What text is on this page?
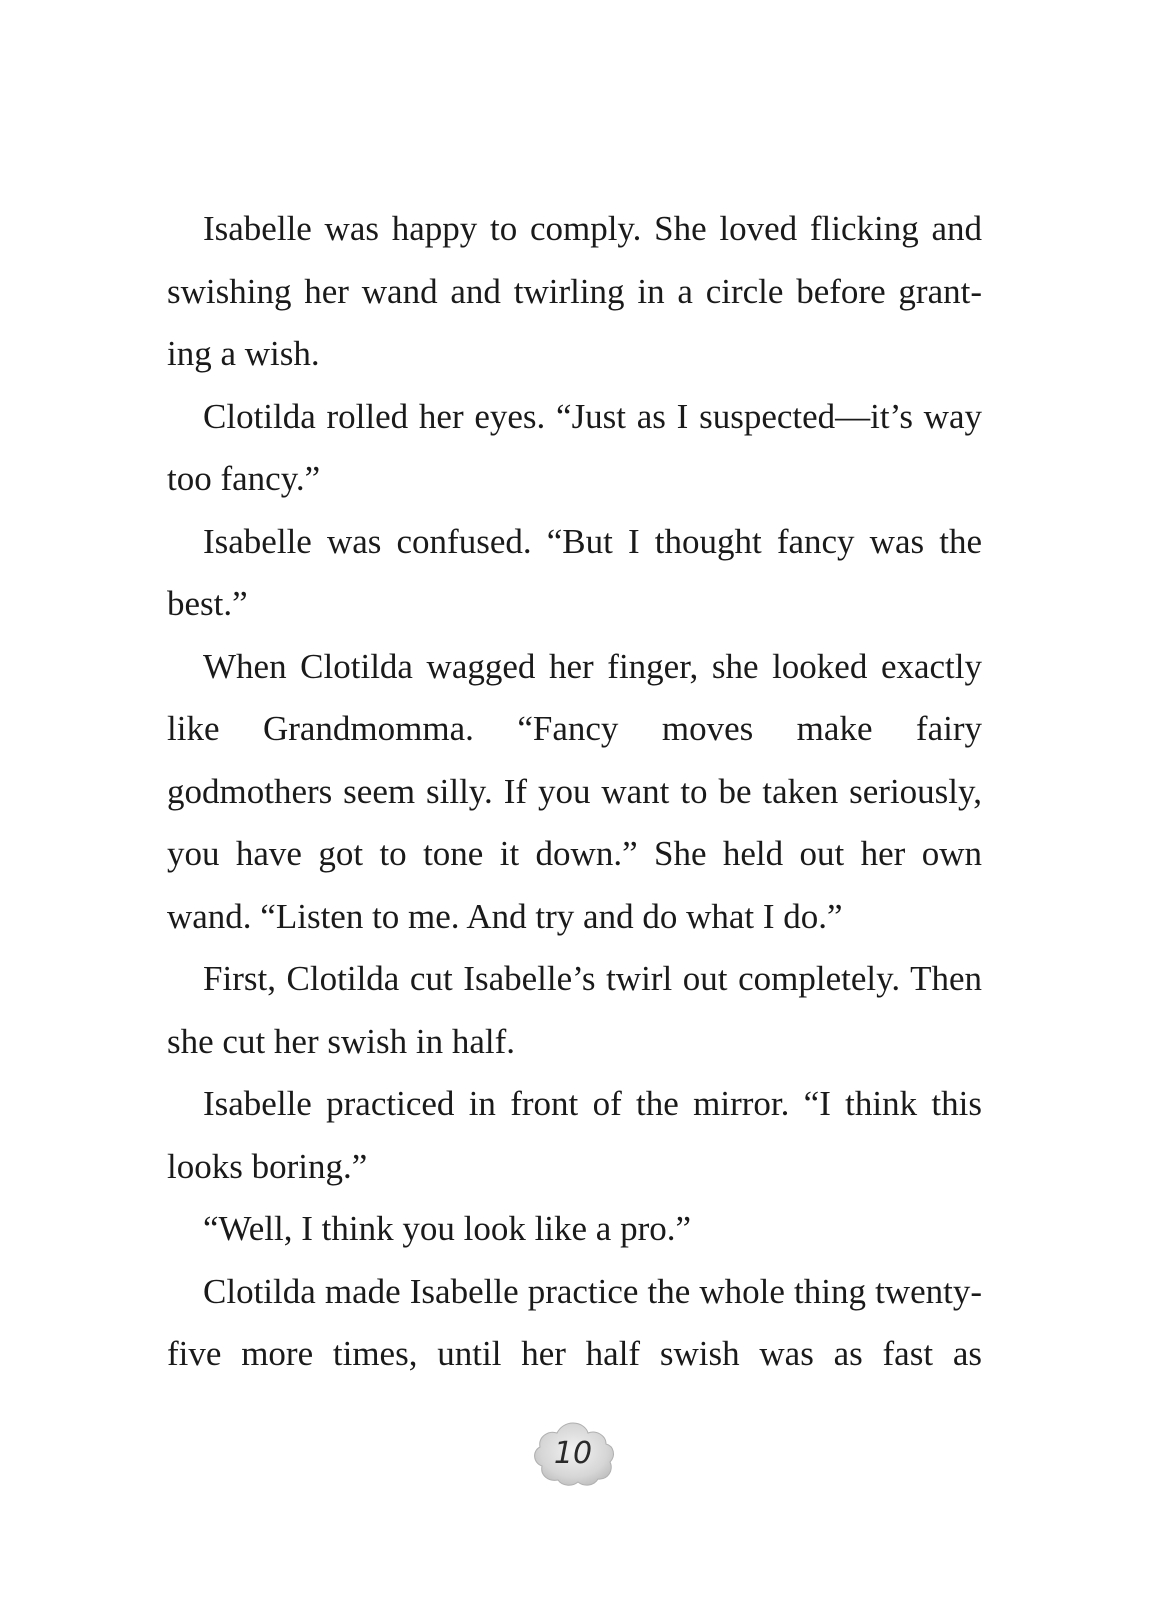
Isabelle was happy to comply. She loved flicking and swishing her wand and twirling in a circle before grant-ing a wish.

Clotilda rolled her eyes. “Just as I suspected—it’s way too fancy.”

Isabelle was confused. “But I thought fancy was the best.”

When Clotilda wagged her finger, she looked exactly like Grandmomma. “Fancy moves make fairy godmothers seem silly. If you want to be taken seriously, you have got to tone it down.” She held out her own wand. “Listen to me. And try and do what I do.”

First, Clotilda cut Isabelle’s twirl out completely. Then she cut her swish in half.

Isabelle practiced in front of the mirror. “I think this looks boring.”

“Well, I think you look like a pro.”

Clotilda made Isabelle practice the whole thing twenty-five more times, until her half swish was as fast as

10
